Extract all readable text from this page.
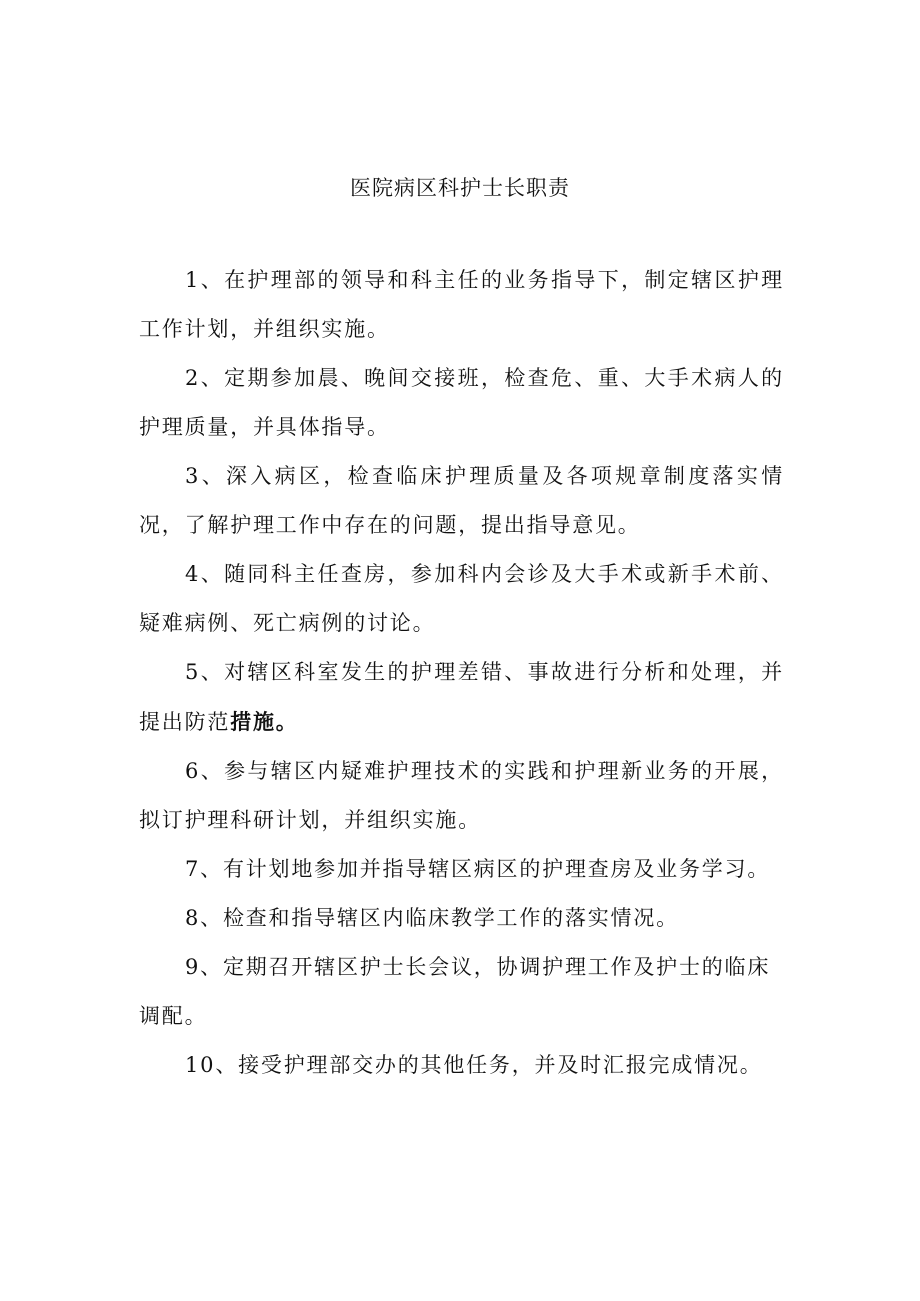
医院病区科护士长职责

1、在护理部的领导和科主任的业务指导下，制定辖区护理工作计划，并组织实施。

2、定期参加晨、晚间交接班，检查危、重、大手术病人的护理质量，并具体指导。

3、深入病区，检查临床护理质量及各项规章制度落实情况，了解护理工作中存在的问题，提出指导意见。

4、随同科主任查房，参加科内会诊及大手术或新手术前、疑难病例、死亡病例的讨论。

5、对辖区科室发生的护理差错、事故进行分析和处理，并提出防范措施。

6、参与辖区内疑难护理技术的实践和护理新业务的开展，拟订护理科研计划，并组织实施。

7、有计划地参加并指导辖区病区的护理查房及业务学习。

8、检查和指导辖区内临床教学工作的落实情况。

9、定期召开辖区护士长会议，协调护理工作及护士的临床
调配。

10、接受护理部交办的其他任务，并及时汇报完成情况。
